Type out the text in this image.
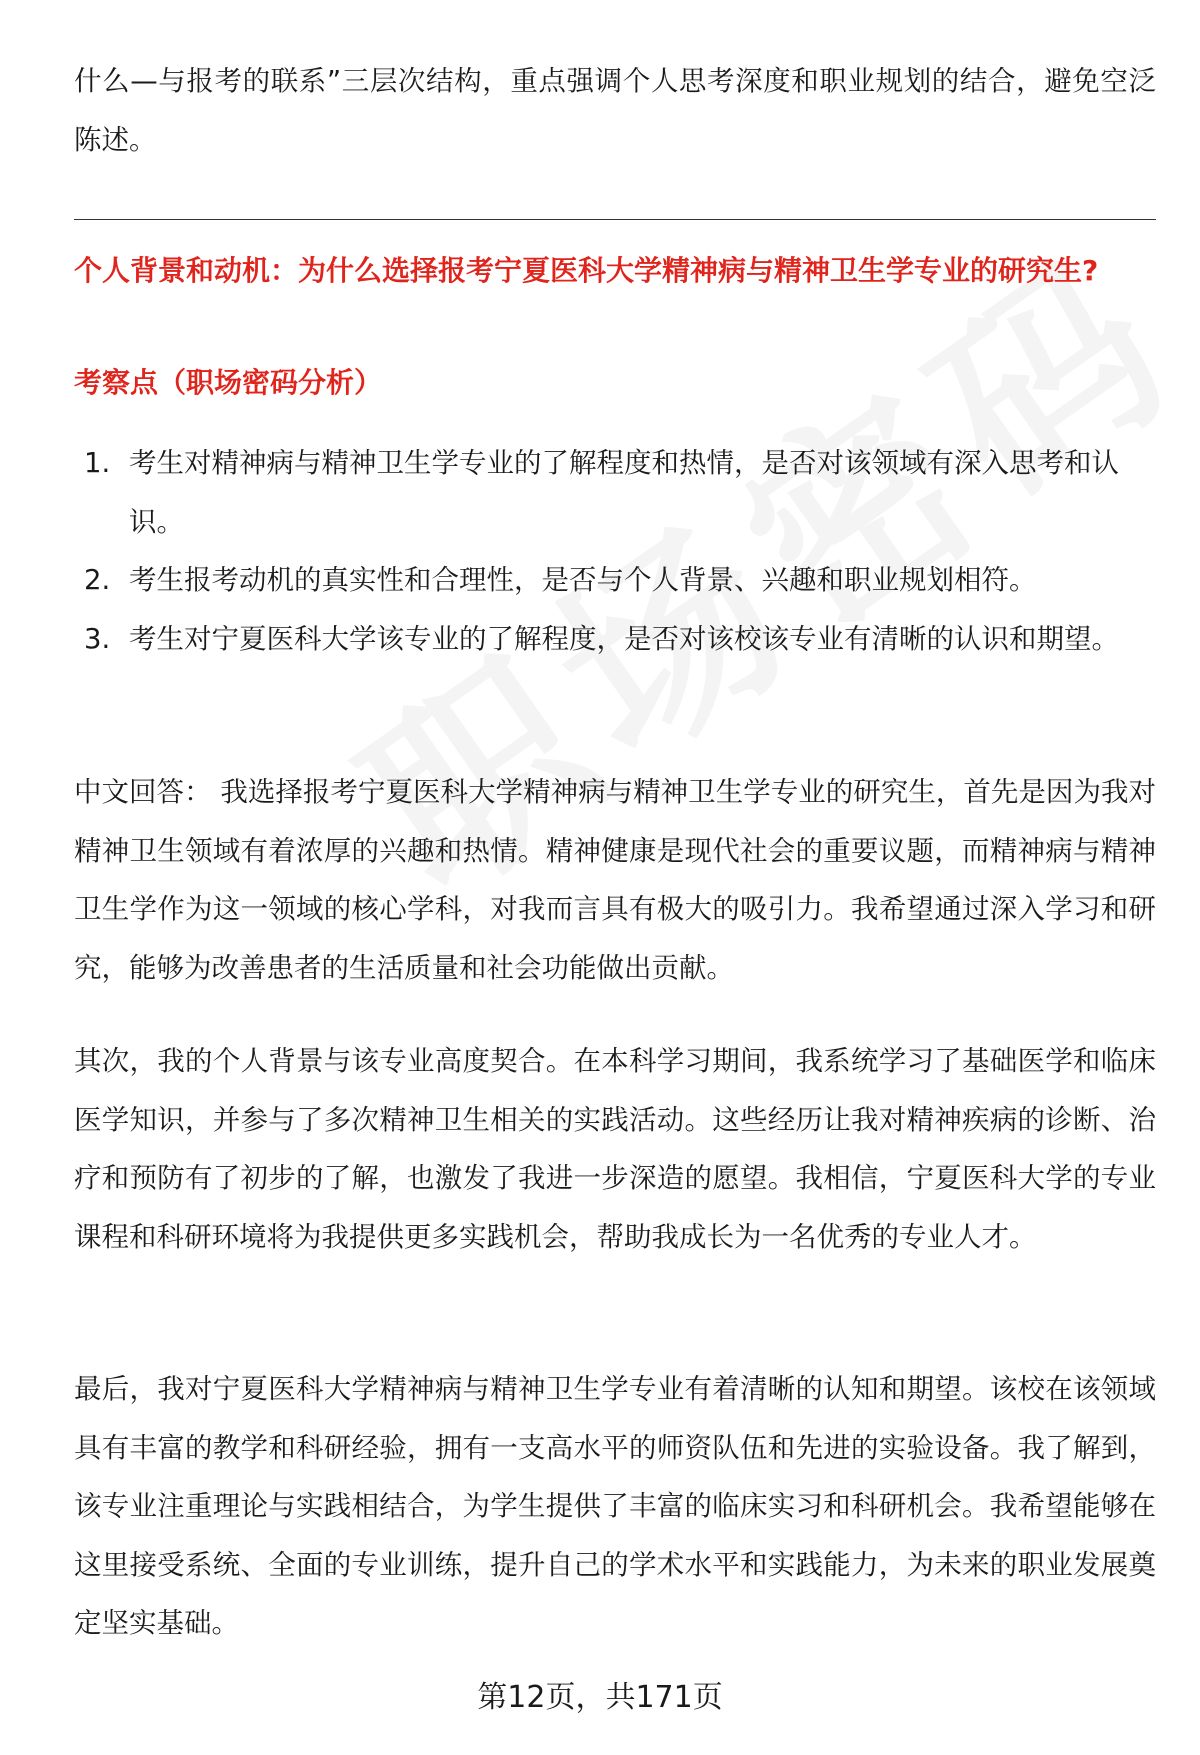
什么—与报考的联系”三层次结构，重点强调个人思考深度和职业规划的结合，避免空泛陈述。

个人背景和动机：为什么选择报考宁夏医科大学精神病与精神卫生学专业的研究生?
考察点（职场密码分析）
1. 考生对精神病与精神卫生学专业的了解程度和热情，是否对该领域有深入思考和认识。
2. 考生报考动机的真实性和合理性，是否与个人背景、兴趣和职业规划相符。
3. 考生对宁夏医科大学该专业的了解程度，是否对该校该专业有清晰的认识和期望。

中文回答： 我选择报考宁夏医科大学精神病与精神卫生学专业的研究生，首先是因为我对精神卫生领域有着浓厚的兴趣和热情。精神健康是现代社会的重要议题，而精神病与精神卫生学作为这一领域的核心学科，对我而言具有极大的吸引力。我希望通过深入学习和研究，能够为改善患者的生活质量和社会功能做出贡献。

其次，我的个人背景与该专业高度契合。在本科学习期间，我系统学习了基础医学和临床医学知识，并参与了多次精神卫生相关的实践活动。这些经历让我对精神疾病的诊断、治疗和预防有了初步的了解，也激发了我进一步深造的愿望。我相信，宁夏医科大学的专业课程和科研环境将为我提供更多实践机会，帮助我成长为一名优秀的专业人才。

最后，我对宁夏医科大学精神病与精神卫生学专业有着清晰的认知和期望。该校在该领域具有丰富的教学和科研经验，拥有一支高水平的师资队伍和先进的实验设备。我了解到，该专业注重理论与实践相结合，为学生提供了丰富的临床实习和科研机会。我希望能够在这里接受系统、全面的专业训练，提升自己的学术水平和实践能力，为未来的职业发展奠定坚实基础。

第12页，共171页
